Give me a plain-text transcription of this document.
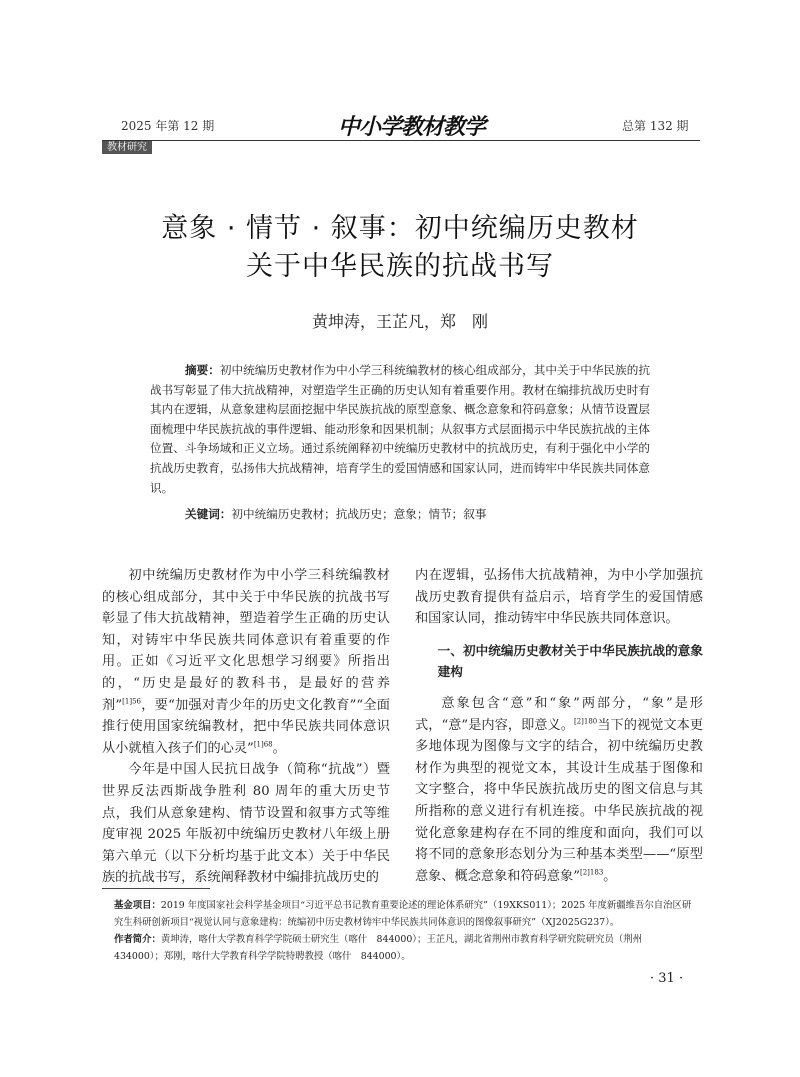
2025 年第 12 期	中小学教材教学	总第 132 期
教材研究
意象 · 情节 · 叙事：初中统编历史教材
关于中华民族的抗战书写
黄坤涛，王芷凡，郑　刚
摘要：初中统编历史教材作为中小学三科统编教材的核心组成部分，其中关于中华民族的抗战书写彰显了伟大抗战精神，对塑造学生正确的历史认知有着重要作用。教材在编排抗战历史时有其内在逻辑，从意象建构层面挖掘中华民族抗战的原型意象、概念意象和符码意象；从情节设置层面梳理中华民族抗战的事件逻辑、能动形象和因果机制；从叙事方式层面揭示中华民族抗战的主体位置、斗争场域和正义立场。通过系统阐释初中统编历史教材中的抗战历史，有利于强化中小学的抗战历史教育，弘扬伟大抗战精神，培育学生的爱国情感和国家认同，进而铸牢中华民族共同体意识。
关键词：初中统编历史教材；抗战历史；意象；情节；叙事

初中统编历史教材作为中小学三科统编教材的核心组成部分，其中关于中华民族的抗战书写彰显了伟大抗战精神，塑造着学生正确的历史认知，对铸牢中华民族共同体意识有着重要的作用。正如《习近平文化思想学习纲要》所指出的，“历史是最好的教科书，是最好的营养剂”$^{[1]56}$，要“加强对青少年的历史文化教育”“全面推行使用国家统编教材，把中华民族共同体意识从小就植入孩子们的心灵”$^{[1]68}$。

今年是中国人民抗日战争（简称“抗战”）暨世界反法西斯战争胜利 80 周年的重大历史节点，我们从意象建构、情节设置和叙事方式等维度审视 2025 年版初中统编历史教材八年级上册第六单元（以下分析均基于此文本）关于中华民族的抗战书写，系统阐释教材中编排抗战历史的

内在逻辑，弘扬伟大抗战精神，为中小学加强抗战历史教育提供有益启示，培育学生的爱国情感和国家认同，推动铸牢中华民族共同体意识。

一、初中统编历史教材关于中华民族抗战的意象建构

意象包含“意”和“象”两部分，“象”是形式，“意”是内容，即意义。$^{[2]180}$当下的视觉文本更多地体现为图像与文字的结合，初中统编历史教材作为典型的视觉文本，其设计生成基于图像和文字整合，将中华民族抗战历史的图文信息与其所指称的意义进行有机连接。中华民族抗战的视觉化意象建构存在不同的维度和面向，我们可以将不同的意象形态划分为三种基本类型——“原型意象、概念意象和符码意象”$^{[2]183}$。

基金项目：2019 年度国家社会科学基金项目“习近平总书记教育重要论述的理论体系研究”（19XKS011）；2025 年度新疆维吾尔自治区研究生科研创新项目“视觉认同与意象建构：统编初中历史教材铸牢中华民族共同体意识的图像叙事研究”（XJ2025G237）。

作者简介：黄坤涛，喀什大学教育科学学院硕士研究生（喀什　844000）；王芷凡，湖北省荆州市教育科学研究院研究员（荆州　434000）；郑刚，喀什大学教育科学学院特聘教授（喀什　844000）。

· 31 ·
